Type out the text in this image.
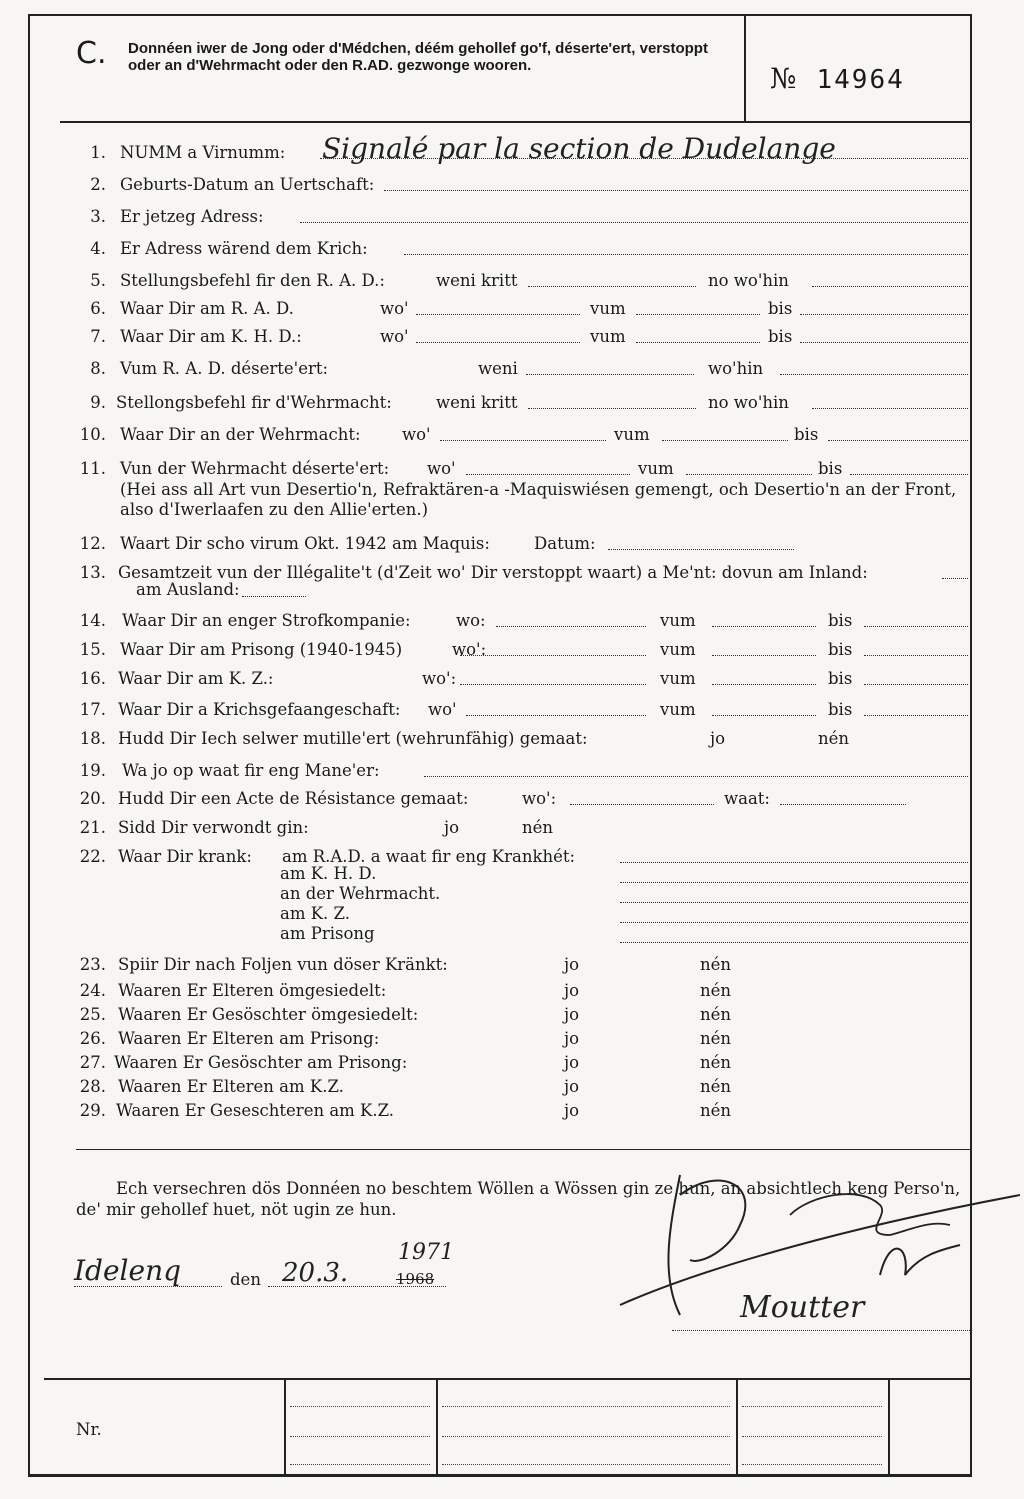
C. Donnéen iwer de Jong oder d'Médchen, déém gehollef go'f, déserte'ert, verstoppt oder an d'Wehrmacht oder den R.AD. gezwonge wooren.	№ 14964
1. NUMM a Virnumm: Signalé par la section de Dudelange
2. Geburts-Datum an Uertschaft:
3. Er jetzeg Adress:
4. Er Adress wärend dem Krich:
5. Stellungsbefehl fir den R. A. D.:	weni kritt	no wo'hin
6. Waar Dir am R. A. D.	wo'	vum	bis
7. Waar Dir am K. H. D.:	wo'	vum	bis
8. Vum R. A. D. déserte'ert:	weni	wo'hin
9. Stellongsbefehl fir d'Wehrmacht:	weni kritt	no wo'hin
10. Waar Dir an der Wehrmacht:	wo'	vum	bis
11. Vun der Wehrmacht déserte'ert: wo'	vum	bis
(Hei ass all Art vun Desertio'n, Refraktären-a -Maquiswiésen gemengt, och Desertio'n an der Front, also d'Iwerlaafen zu den Allie'erten.)
12. Waart Dir scho virum Okt. 1942 am Maquis:	Datum:
13. Gesamtzeit vun der Illégalite't (d'Zeit wo' Dir verstoppt waart) a Me'nt: dovun am Inland:
am Ausland:
14. Waar Dir an enger Strofkompanie:	wo:	vum	bis
15. Waar Dir am Prisong (1940-1945)	wo':	vum	bis
16. Waar Dir am K. Z.:	wo':	vum	bis
17. Waar Dir a Krichsgefaangeschaft: wo'	vum	bis
18. Hudd Dir Iech selwer mutille'ert (wehrunfähig) gemaat:	jo	nén
19. Wa jo op waat fir eng Mane'er:
20. Hudd Dir een Acte de Résistance gemaat:	wo':	waat:
21. Sidd Dir verwondt gin:	jo	nén
22. Waar Dir krank: am R.A.D. a waat fir eng Krankhét:
am K. H. D.
an der Wehrmacht.
am K. Z.
am Prisong
23. Spiir Dir nach Foljen vun döser Kränkt:	jo	nén
24. Waaren Er Elteren ömgesiedelt:	jo	nén
25. Waaren Er Gesöschter ömgesiedelt:	jo	nén
26. Waaren Er Elteren am Prisong:	jo	nén
27. Waaren Er Gesöschter am Prisong:	jo	nén
28. Waaren Er Elteren am K.Z.	jo	nén
29. Waaren Er Geseschteren am K.Z.	jo	nén
Ech versechren dös Donnéen no beschtem Wöllen a Wössen gin ze hun, an absichtlech keng Perso'n, de' mir gehollef huet, nöt ugin ze hun.
Idelenq	den 20.3.	1968
1971
Moutter
Nr.
